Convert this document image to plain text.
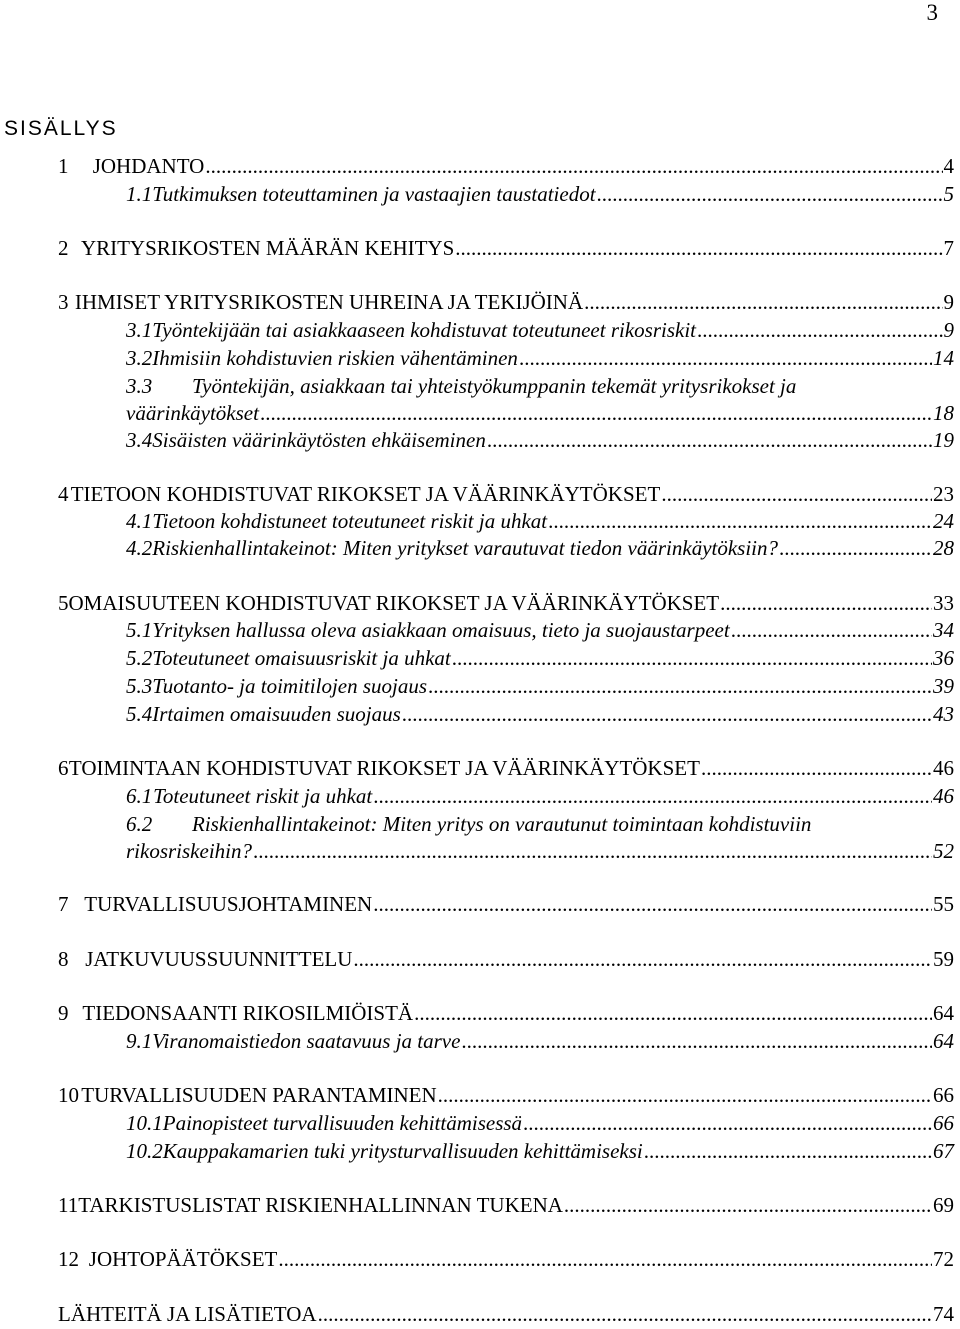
3
SISÄLLYS
1	JOHDANTO .....	4
1.1 Tutkimuksen toteuttaminen ja vastaajien taustatiedot .....	5
2 YRITYSRIKOSTEN MÄÄRÄN KEHITYS .....	7
3 IHMISET YRITYSRIKOSTEN UHREINA JA TEKIJÖINÄ .....	9
3.1 Työntekijään tai asiakkaaseen kohdistuvat toteutuneet rikosriskit .....	9
3.2 Ihmisiin kohdistuvien riskien vähentäminen .....	14
3.3 Työntekijän, asiakkaan tai yhteistyökumppanin tekemät yritysrikokset ja
väärinkäytökset .....	18
3.4 Sisäisten väärinkäytösten ehkäiseminen .....	19
4 TIETOON KOHDISTUVAT RIKOKSET JA VÄÄRINKÄYTÖKSET .....	23
4.1 Tietoon kohdistuneet toteutuneet riskit ja uhkat .....	24
4.2 Riskienhallintakeinot: Miten yritykset varautuvat tiedon väärinkäytöksiin? .....	28
5 OMAISUUTEEN KOHDISTUVAT RIKOKSET JA VÄÄRINKÄYTÖKSET .....	33
5.1 Yrityksen hallussa oleva asiakkaan omaisuus, tieto ja suojaustarpeet .....	34
5.2 Toteutuneet omaisuusriskit ja uhkat .....	36
5.3 Tuotanto- ja toimitilojen suojaus .....	39
5.4 Irtaimen omaisuuden suojaus .....	43
6 TOIMINTAAN KOHDISTUVAT RIKOKSET JA VÄÄRINKÄYTÖKSET .....	46
6.1 Toteutuneet riskit ja uhkat .....	46
6.2 Riskienhallintakeinot: Miten yritys on varautunut toimintaan kohdistuviin
rikosriskeihin? .....	52
7 TURVALLISUUSJOHTAMINEN .....	55
8 JATKUVUUSSUUNNITTELU .....	59
9 TIEDONSAANTI RIKOSILMIÖISTÄ .....	64
9.1 Viranomaistiedon saatavuus ja tarve .....	64
10 TURVALLISUUDEN PARANTAMINEN .....	66
10.1 Painopisteet turvallisuuden kehittämisessä .....	66
10.2 Kauppakamarien tuki yritysturvallisuuden kehittämiseksi .....	67
11 TARKISTUSLISTAT RISKIENHALLINNAN TUKENA .....	69
12 JOHTOPÄÄTÖKSET .....	72
LÄHTEITÄ JA LISÄTIETOA .....	74
